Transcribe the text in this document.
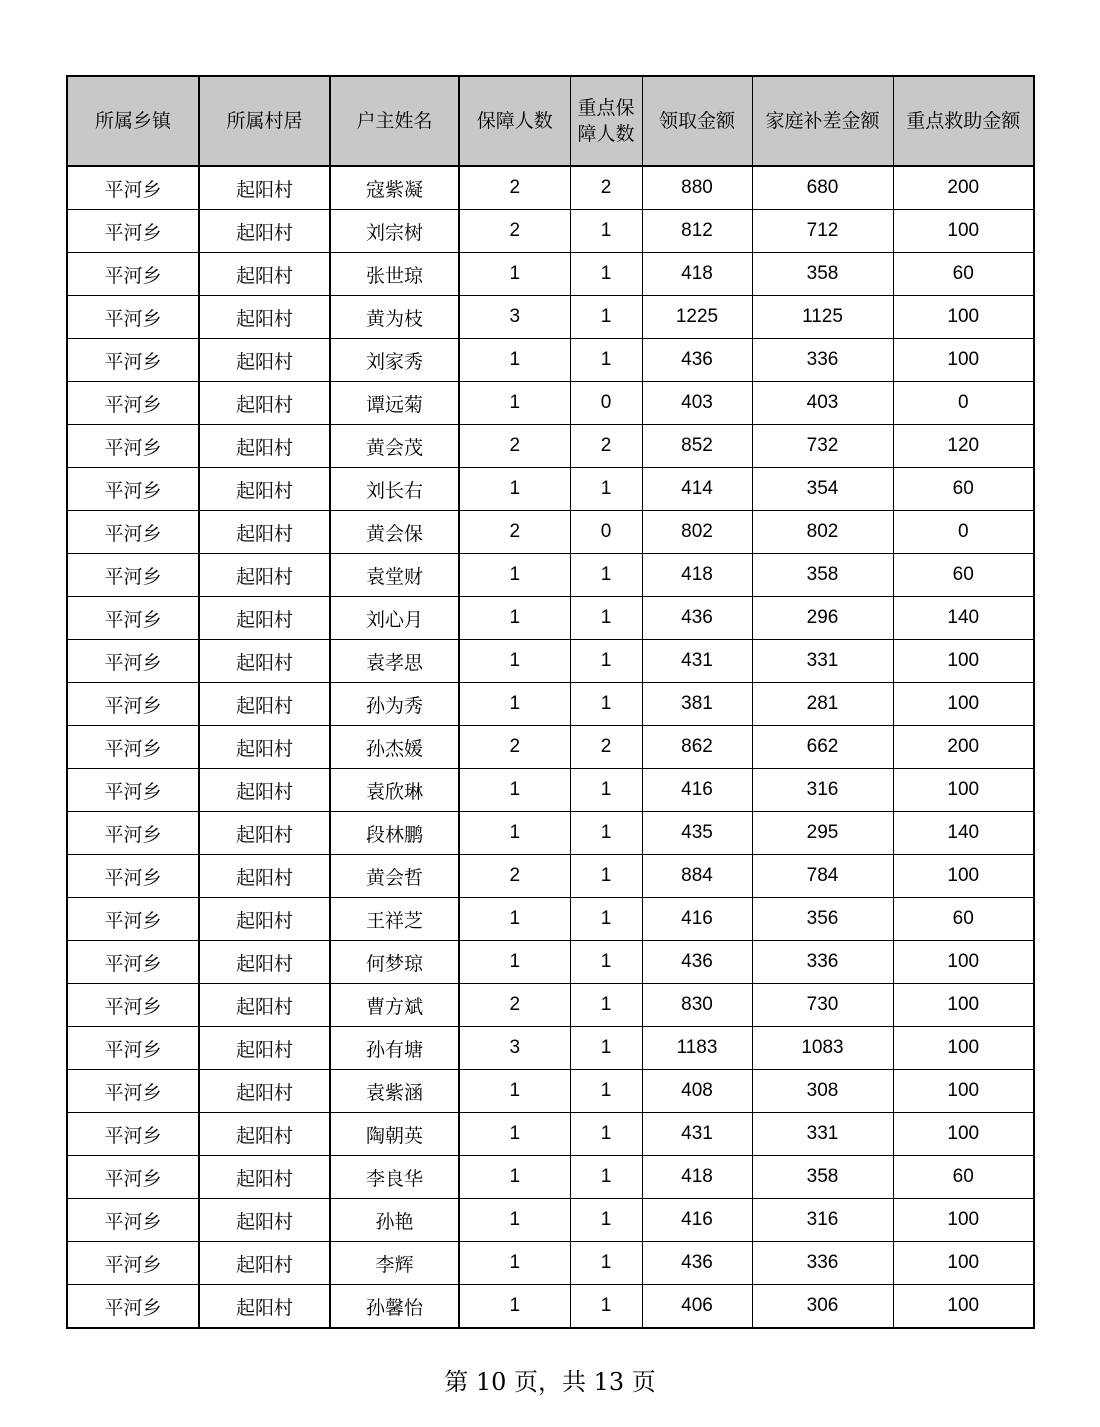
所属乡镇	所属村居	户主姓名	保障人数	重点保障人数	领取金额	家庭补差金额	重点救助金额
平河乡	起阳村	寇紫凝	2	2	880	680	200
平河乡	起阳村	刘宗树	2	1	812	712	100
平河乡	起阳村	张世琼	1	1	418	358	60
平河乡	起阳村	黄为枝	3	1	1225	1125	100
平河乡	起阳村	刘家秀	1	1	436	336	100
平河乡	起阳村	谭远菊	1	0	403	403	0
平河乡	起阳村	黄会茂	2	2	852	732	120
平河乡	起阳村	刘长右	1	1	414	354	60
平河乡	起阳村	黄会保	2	0	802	802	0
平河乡	起阳村	袁堂财	1	1	418	358	60
平河乡	起阳村	刘心月	1	1	436	296	140
平河乡	起阳村	袁孝思	1	1	431	331	100
平河乡	起阳村	孙为秀	1	1	381	281	100
平河乡	起阳村	孙杰媛	2	2	862	662	200
平河乡	起阳村	袁欣琳	1	1	416	316	100
平河乡	起阳村	段林鹏	1	1	435	295	140
平河乡	起阳村	黄会哲	2	1	884	784	100
平河乡	起阳村	王祥芝	1	1	416	356	60
平河乡	起阳村	何梦琼	1	1	436	336	100
平河乡	起阳村	曹方斌	2	1	830	730	100
平河乡	起阳村	孙有塘	3	1	1183	1083	100
平河乡	起阳村	袁紫涵	1	1	408	308	100
平河乡	起阳村	陶朝英	1	1	431	331	100
平河乡	起阳村	李良华	1	1	418	358	60
平河乡	起阳村	孙艳	1	1	416	316	100
平河乡	起阳村	李辉	1	1	436	336	100
平河乡	起阳村	孙馨怡	1	1	406	306	100
第 10 页，共 13 页
